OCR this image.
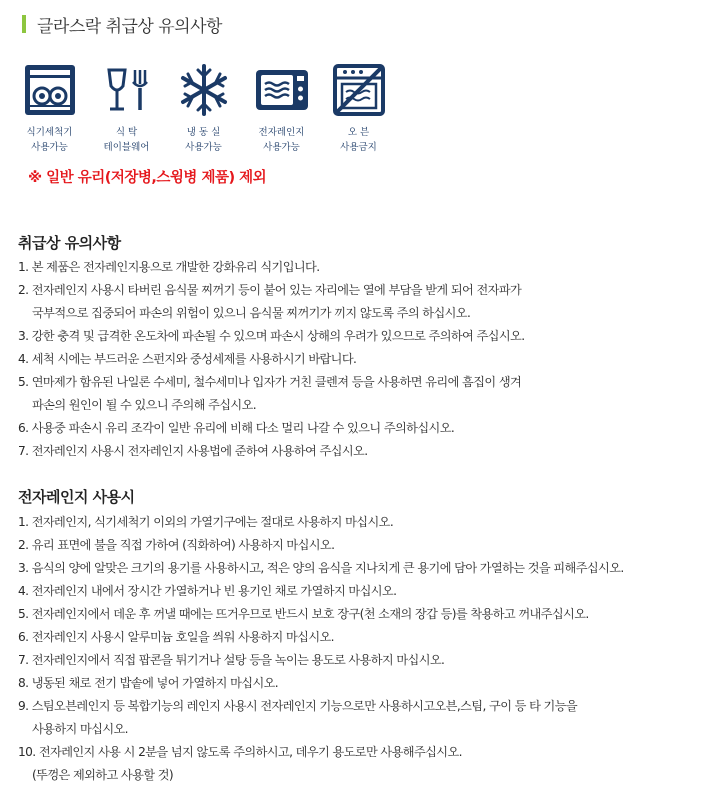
글라스락 취급상 유의사항
식기세척기
사용가능
식 탁
테이블웨어
냉 동 실
사용가능
전자레인지
사용가능
오 븐
사용금지
※ 일반 유리(저장병,스윙병 제품) 제외
취급상 유의사항
1. 본 제품은 전자레인지용으로 개발한 강화유리 식기입니다.
2. 전자레인지 사용시 타버린 음식물 찌꺼기 등이 붙어 있는 자리에는 열에 부담을 받게 되어 전자파가
국부적으로 집중되어 파손의 위험이 있으니 음식물 찌꺼기가 끼지 않도록 주의 하십시오.
3. 강한 충격 및 급격한 온도차에 파손될 수 있으며 파손시 상해의 우려가 있으므로 주의하여 주십시오.
4. 세척 시에는 부드러운 스펀지와 중성세제를 사용하시기 바랍니다.
5. 연마제가 함유된 나일론 수세미, 철수세미나 입자가 거친 클렌져 등을 사용하면 유리에 흠집이 생겨
파손의 원인이 될 수 있으니 주의해 주십시오.
6. 사용중 파손시 유리 조각이 일반 유리에 비해 다소 멀리 나갈 수 있으니 주의하십시오.
7. 전자레인지 사용시 전자레인지 사용법에 준하여 사용하여 주십시오.
전자레인지 사용시
1. 전자레인지, 식기세척기 이외의 가열기구에는 절대로 사용하지 마십시오.
2. 유리 표면에 불을 직접 가하여 (직화하여) 사용하지 마십시오.
3. 음식의 양에 알맞은 크기의 용기를 사용하시고, 적은 양의 음식을 지나치게 큰 용기에 담아 가열하는 것을 피해주십시오.
4. 전자레인지 내에서 장시간 가열하거나 빈 용기인 채로 가열하지 마십시오.
5. 전자레인지에서 데운 후 꺼낼 때에는 뜨거우므로 반드시 보호 장구(천 소재의 장갑 등)를 착용하고 꺼내주십시오.
6. 전자레인지 사용시 알루미늄 호일을 씌워 사용하지 마십시오.
7. 전자레인지에서 직접 팝콘을 튀기거나 설탕 등을 녹이는 용도로 사용하지 마십시오.
8. 냉동된 채로 전기 밥솥에 넣어 가열하지 마십시오.
9. 스팀오븐레인지 등 복합기능의 레인지 사용시 전자레인지 기능으로만 사용하시고오븐,스팀, 구이 등 타 기능을
사용하지 마십시오.
10. 전자레인지 사용 시 2분을 넘지 않도록 주의하시고, 데우기 용도로만 사용해주십시오.
(뚜껑은 제외하고 사용할 것)
